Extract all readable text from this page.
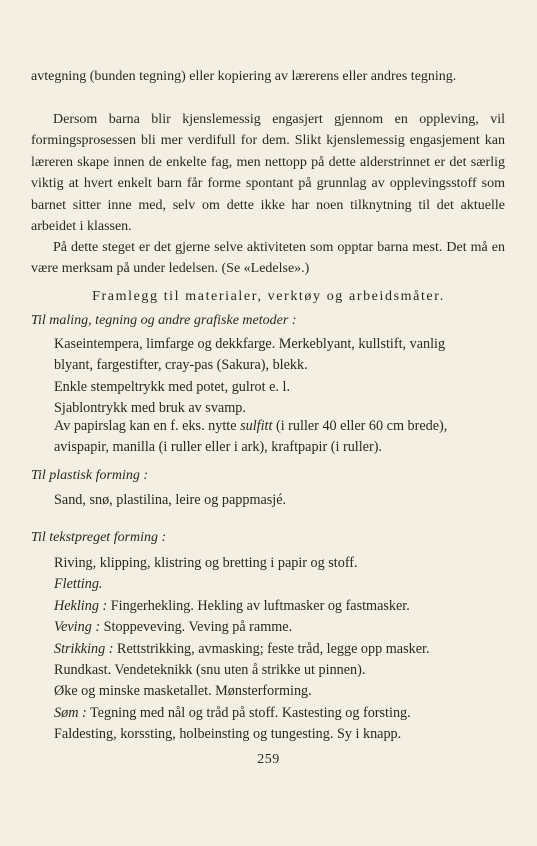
avtegning (bunden tegning) eller kopiering av lærerens eller andres tegning.

Dersom barna blir kjenslemessig engasjert gjennom en oppleving, vil formingsprosessen bli mer verdifull for dem. Slikt kjenslemessig engasjement kan læreren skape innen de enkelte fag, men nettopp på dette alderstrinnet er det særlig viktig at hvert enkelt barn får forme spontant på grunnlag av opplevingsstoff som barnet sitter inne med, selv om dette ikke har noen tilknytning til det aktuelle arbeidet i klassen.

På dette steget er det gjerne selve aktiviteten som opptar barna mest. Det må en være merksam på under ledelsen. (Se «Ledelse».)

Framlegg til materialer, verktøy og arbeidsmåter.

Til maling, tegning og andre grafiske metoder :

Kaseintempera, limfarge og dekkfarge. Merkeblyant, kullstift, vanlig
blyant, fargestifter, cray-pas (Sakura), blekk.
Enkle stempeltrykk med potet, gulrot e. l.
Sjablontrykk med bruk av svamp.
Av papirslag kan en f. eks. nytte sulfitt (i ruller 40 eller 60 cm brede),
avispapir, manilla (i ruller eller i ark), kraftpapir (i ruller).

Til plastisk forming :

Sand, snø, plastilina, leire og pappmasjé.

Til tekstpreget forming :

Riving, klipping, klistring og bretting i papir og stoff.
Fletting.
Hekling : Fingerhekling. Hekling av luftmasker og fastmasker.
Veving : Stoppeveving. Veving på ramme.
Strikking : Rettstrikking, avmasking; feste tråd, legge opp masker.
Rundkast. Vendeteknikk (snu uten å strikke ut pinnen).
Øke og minske masketallet. Mønsterforming.
Søm : Tegning med nål og tråd på stoff. Kastesting og forsting.
Faldesting, korssting, holbeinsting og tungesting. Sy i knapp.
259
